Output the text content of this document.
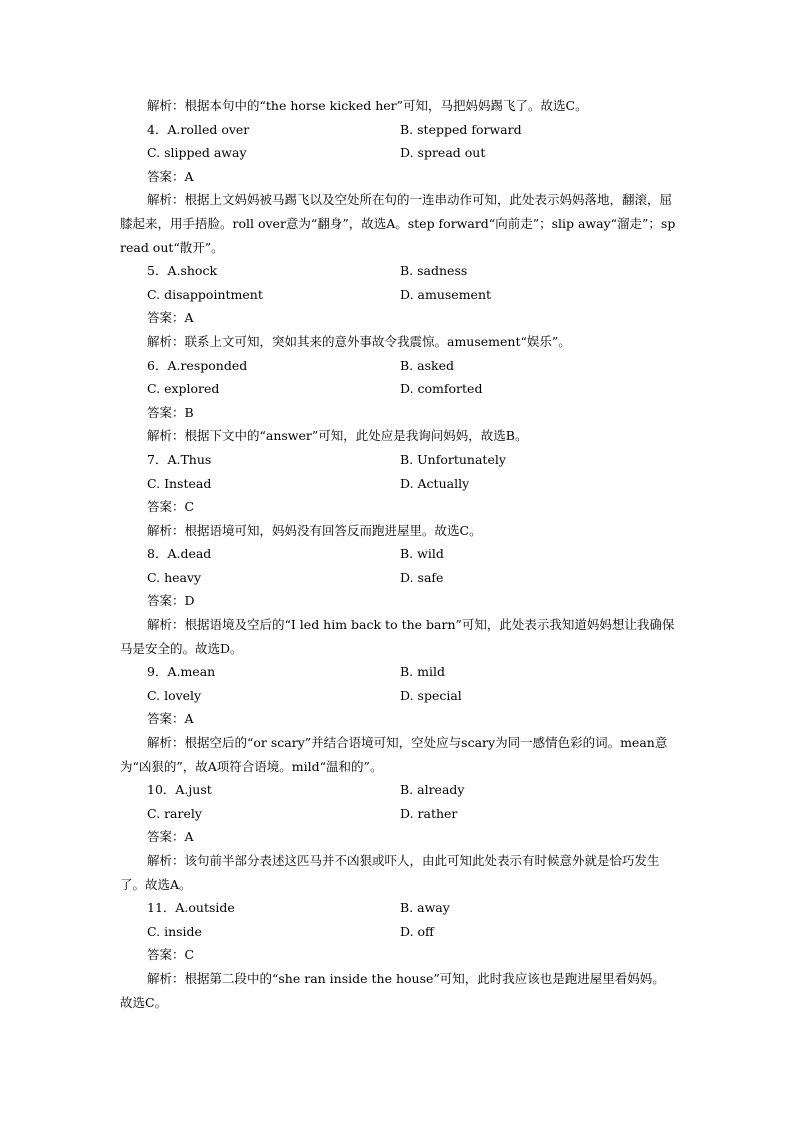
解析：根据本句中的“the horse kicked her”可知，马把妈妈踢飞了。故选C。
4．A.rolled over	B. stepped forward
C. slipped away	D. spread out
答案：A
解析：根据上文妈妈被马踢飞以及空处所在句的一连串动作可知，此处表示妈妈落地，翻滚，屈膝起来，用手捂脸。roll over意为“翻身”，故选A。step forward“向前走”；slip away“溜走”；spread out“散开”。
5．A.shock	B. sadness
C. disappointment	D. amusement
答案：A
解析：联系上文可知，突如其来的意外事故令我震惊。amusement“娱乐”。
6．A.responded	B. asked
C. explored	D. comforted
答案：B
解析：根据下文中的“answer”可知，此处应是我询问妈妈，故选B。
7．A.Thus	B. Unfortunately
C. Instead	D. Actually
答案：C
解析：根据语境可知，妈妈没有回答反而跑进屋里。故选C。
8．A.dead	B. wild
C. heavy	D. safe
答案：D
解析：根据语境及空后的“I led him back to the barn”可知，此处表示我知道妈妈想让我确保马是安全的。故选D。
9．A.mean	B. mild
C. lovely	D. special
答案：A
解析：根据空后的“or scary”并结合语境可知，空处应与scary为同一感情色彩的词。mean意为“凶狠的”，故A项符合语境。mild“温和的”。
10．A.just	B. already
C. rarely	D. rather
答案：A
解析：该句前半部分表述这匹马并不凶狠或吓人，由此可知此处表示有时候意外就是恰巧发生了。故选A。
11．A.outside	B. away
C. inside	D. off
答案：C
解析：根据第二段中的“she ran inside the house”可知，此时我应该也是跑进屋里看妈妈。故选C。
